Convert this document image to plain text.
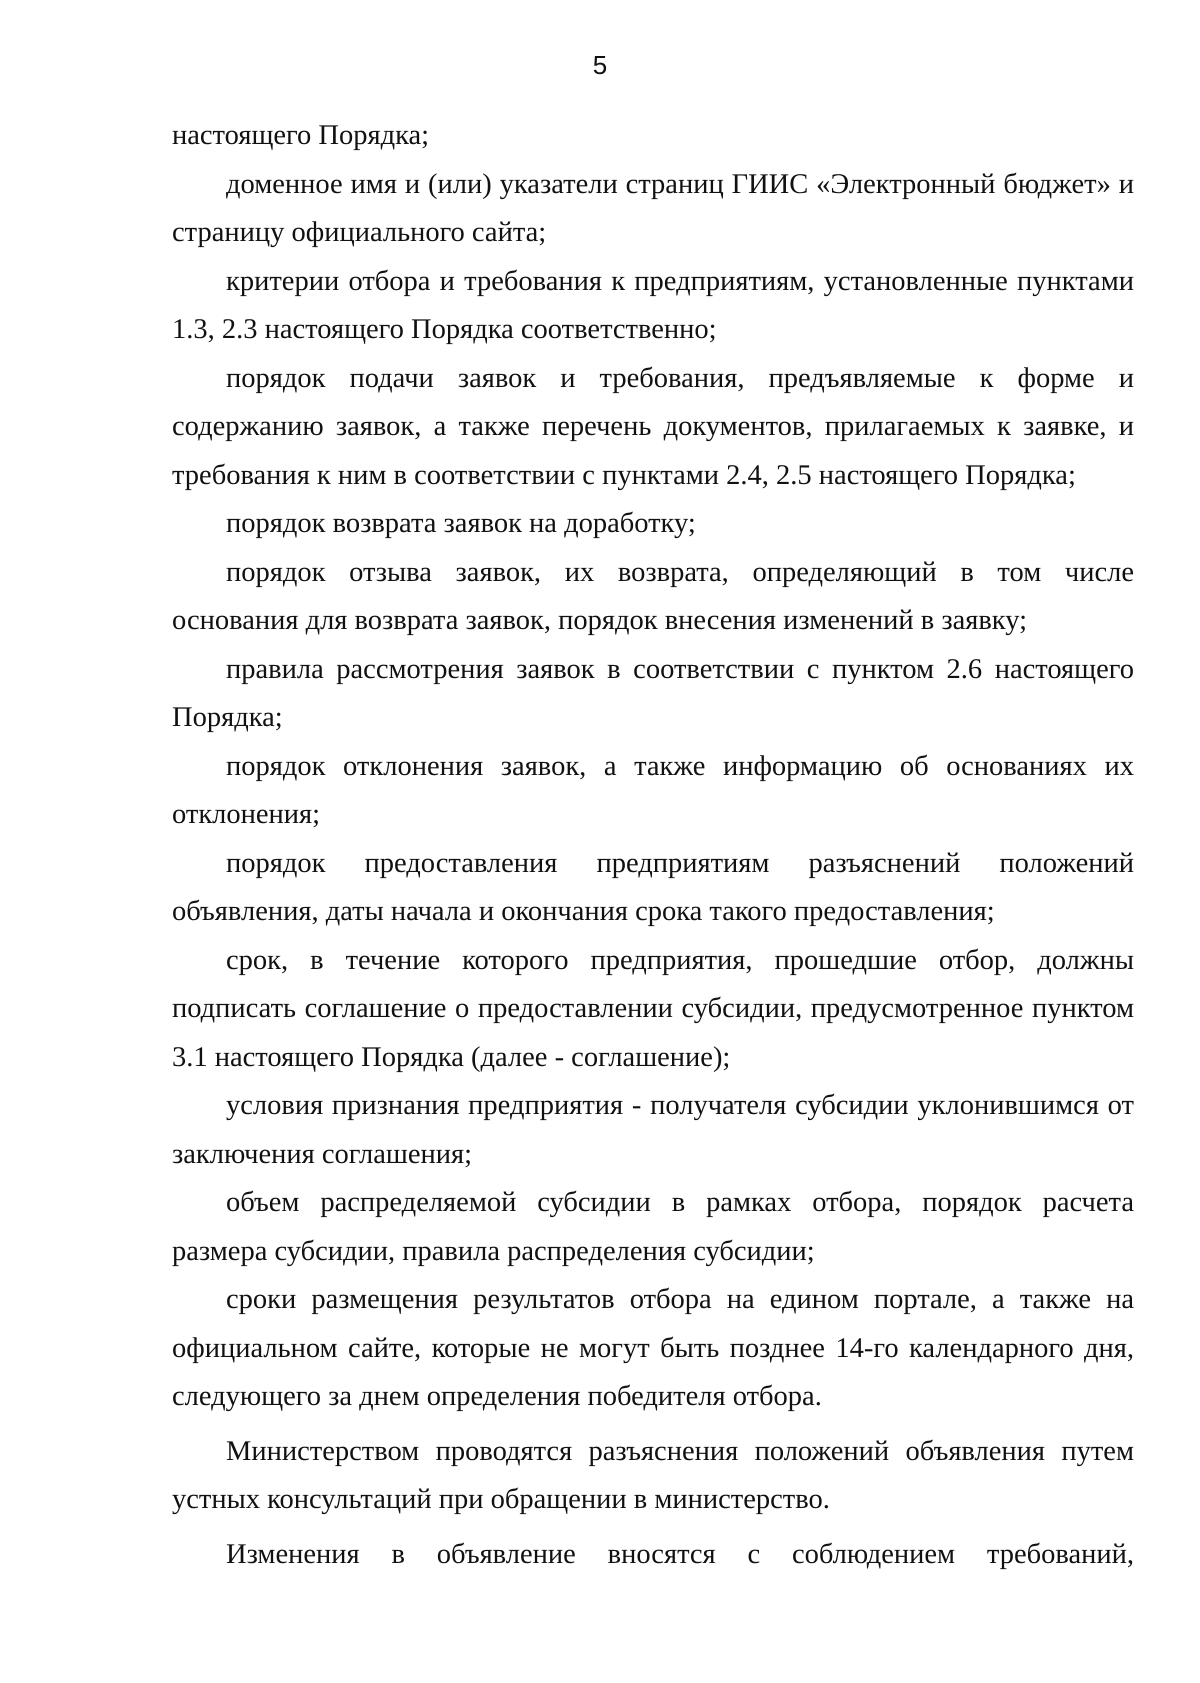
5

настоящего Порядка;

доменное имя и (или) указатели страниц ГИИС «Электронный бюджет» и страницу официального сайта;

критерии отбора и требования к предприятиям, установленные пунктами 1.3, 2.3 настоящего Порядка соответственно;

порядок подачи заявок и требования, предъявляемые к форме и содержанию заявок, а также перечень документов, прилагаемых к заявке, и требования к ним в соответствии с пунктами 2.4, 2.5 настоящего Порядка;

порядок возврата заявок на доработку;

порядок отзыва заявок, их возврата, определяющий в том числе основания для возврата заявок, порядок внесения изменений в заявку;

правила рассмотрения заявок в соответствии с пунктом 2.6 настоящего Порядка;

порядок отклонения заявок, а также информацию об основаниях их отклонения;

порядок предоставления предприятиям разъяснений положений объявления, даты начала и окончания срока такого предоставления;

срок, в течение которого предприятия, прошедшие отбор, должны подписать соглашение о предоставлении субсидии, предусмотренное пунктом 3.1 настоящего Порядка (далее - соглашение);

условия признания предприятия - получателя субсидии уклонившимся от заключения соглашения;

объем распределяемой субсидии в рамках отбора, порядок расчета размера субсидии, правила распределения субсидии;

сроки размещения результатов отбора на едином портале, а также на официальном сайте, которые не могут быть позднее 14-го календарного дня, следующего за днем определения победителя отбора.

Министерством проводятся разъяснения положений объявления путем устных консультаций при обращении в министерство.

Изменения в объявление вносятся с соблюдением требований,
